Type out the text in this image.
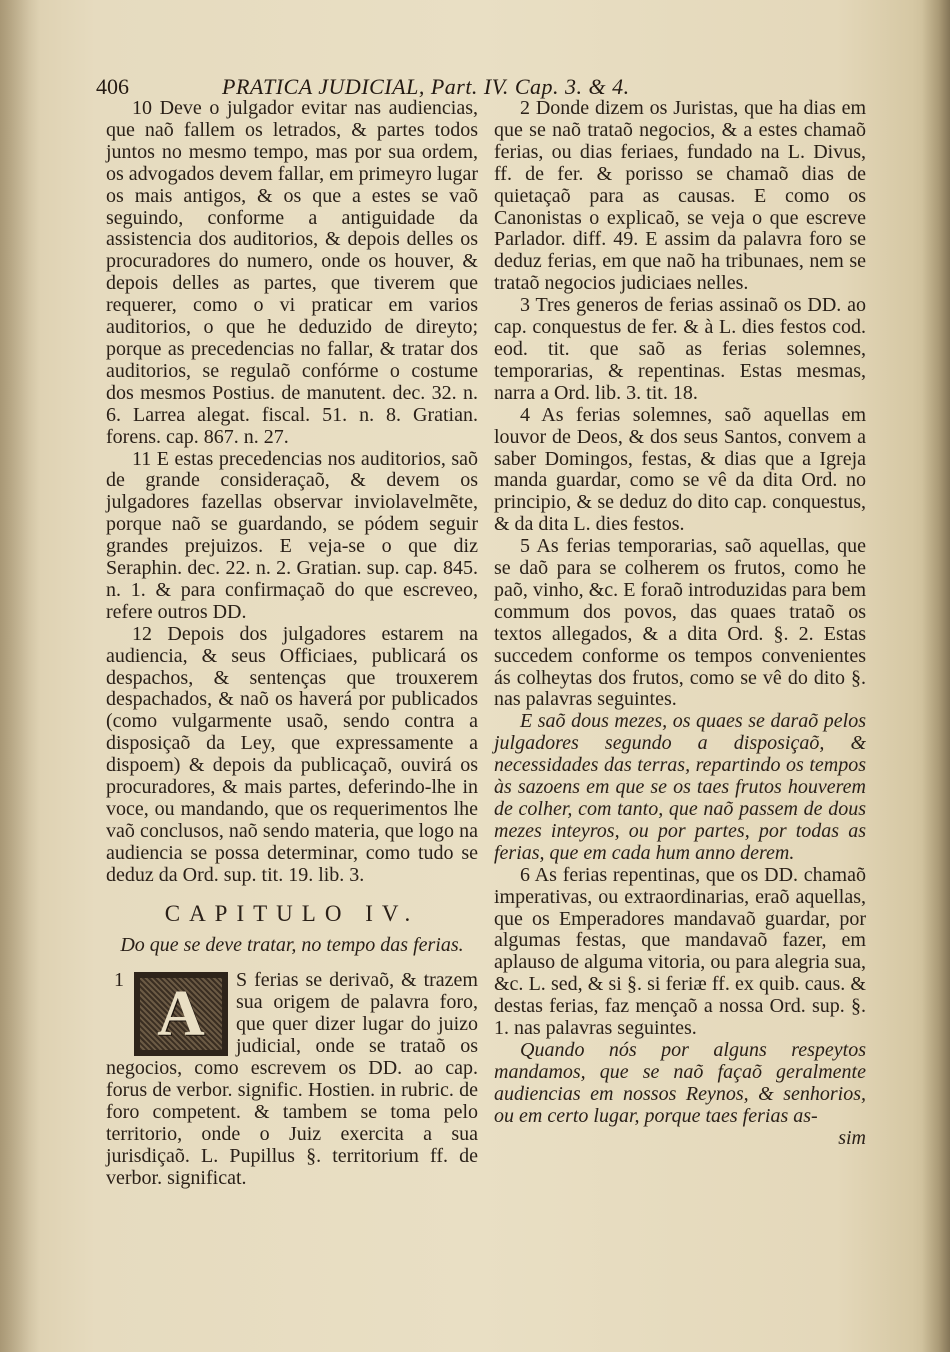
406	PRATICA JUDICIAL, Part. IV. Cap. 3. & 4.

10 Deve o julgador evitar nas audiencias, que naõ fallem os letrados, & partes todos juntos no mesmo tempo, mas por sua ordem, os advogados devem fallar, em primeyro lugar os mais antigos, & os que a estes se vaõ seguindo, conforme a antiguidade da assistencia dos auditorios, & depois delles os procuradores do numero, onde os houver, & depois delles as partes, que tiverem que requerer, como o vi praticar em varios auditorios, o que he deduzido de direyto; porque as precedencias no fallar, & tratar dos auditorios, se regulaõ confórme o costume dos mesmos Postius. de manutent. dec. 32. n. 6. Larrea alegat. fiscal. 51. n. 8. Gratian. forens. cap. 867. n. 27.

11 E estas precedencias nos auditorios, saõ de grande consideraçaõ, & devem os julgadores fazellas observar inviolavelmẽte, porque naõ se guardando, se pódem seguir grandes prejuizos. E veja-se o que diz Seraphin. dec. 22. n. 2. Gratian. sup. cap. 845. n. 1. & para confirmaçaõ do que escreveo, refere outros DD.

12 Depois dos julgadores estarem na audiencia, & seus Officiaes, publicará os despachos, & sentenças que trouxerem despachados, & naõ os haverá por publicados (como vulgarmente usaõ, sendo contra a disposiçaõ da Ley, que expressamente a dispoem) & depois da publicaçaõ, ouvirá os procuradores, & mais partes, deferindo-lhe in voce, ou mandando, que os requerimentos lhe vaõ conclusos, naõ sendo materia, que logo na audiencia se possa determinar, como tudo se deduz da Ord. sup. tit. 19. lib. 3.

CAPITULO IV.

Do que se deve tratar, no tempo das ferias.

1 A S ferias se derivaõ, & trazem sua origem de palavra foro, que quer dizer lugar do juizo judicial, onde se trataõ os negocios, como escrevem os DD. ao cap. forus de verbor. signific. Hostien. in rubric. de foro competent. & tambem se toma pelo territorio, onde o Juiz exercita a sua jurisdiçaõ. L. Pupillus §. territorium ff. de verbor. significat.

2 Donde dizem os Juristas, que ha dias em que se naõ trataõ negocios, & a estes chamaõ ferias, ou dias feriaes, fundado na L. Divus, ff. de fer. & porisso se chamaõ dias de quietaçaõ para as causas. E como os Canonistas o explicaõ, se veja o que escreve Parlador. diff. 49. E assim da palavra foro se deduz ferias, em que naõ ha tribunaes, nem se trataõ negocios judiciaes nelles.

3 Tres generos de ferias assinaõ os DD. ao cap. conquestus de fer. & à L. dies festos cod. eod. tit. que saõ as ferias solemnes, temporarias, & repentinas. Estas mesmas, narra a Ord. lib. 3. tit. 18.

4 As ferias solemnes, saõ aquellas em louvor de Deos, & dos seus Santos, convem a saber Domingos, festas, & dias que a Igreja manda guardar, como se vê da dita Ord. no principio, & se deduz do dito cap. conquestus, & da dita L. dies festos.

5 As ferias temporarias, saõ aquellas, que se daõ para se colherem os frutos, como he paõ, vinho, &c. E foraõ introduzidas para bem commum dos povos, das quaes trataõ os textos allegados, & a dita Ord. §. 2. Estas succedem conforme os tempos convenientes ás colheytas dos frutos, como se vê do dito §. nas palavras seguintes.

E saõ dous mezes, os quaes se daraõ pelos julgadores segundo a disposiçaõ, & necessidades das terras, repartindo os tempos às sazoens em que se os taes frutos houverem de colher, com tanto, que naõ passem de dous mezes inteyros, ou por partes, por todas as ferias, que em cada hum anno derem.

6 As ferias repentinas, que os DD. chamaõ imperativas, ou extraordinarias, eraõ aquellas, que os Emperadores mandavaõ guardar, por algumas festas, que mandavaõ fazer, em aplauso de alguma vitoria, ou para alegria sua, &c. L. sed, & si §. si feriæ ff. ex quib. caus. & destas ferias, faz mençaõ a nossa Ord. sup. §. 1. nas palavras seguintes.

Quando nós por alguns respeytos mandamos, que se naõ façaõ geralmente audiencias em nossos Reynos, & senhorios, ou em certo lugar, porque taes ferias as-

sim
